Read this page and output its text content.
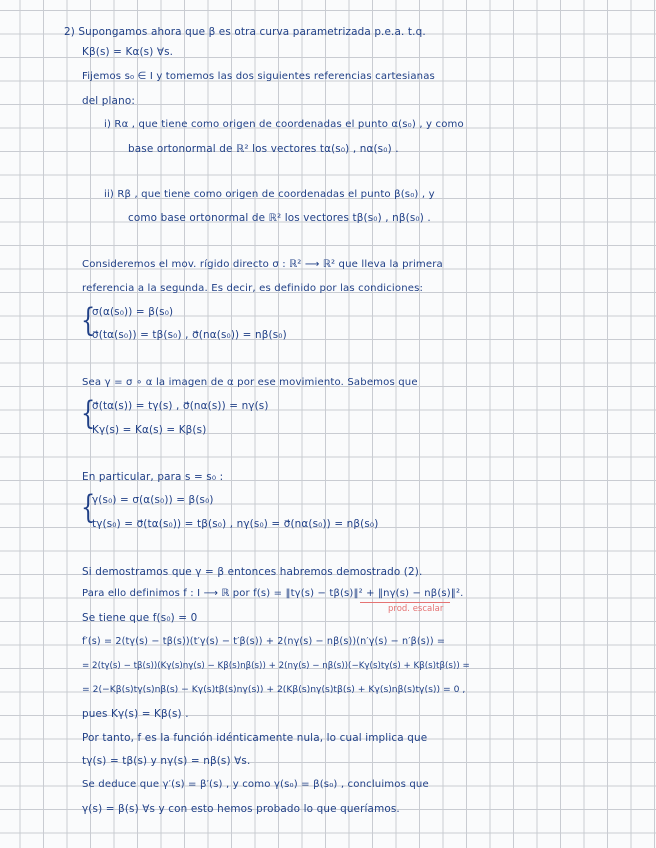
2) Supongamos ahora que β es otra curva parametrizada p.e.a. t.q.
Kβ(s) = Kα(s) ∀s.
Fijemos s₀ ∈ I y tomemos las dos siguientes referencias cartesianas
del plano:
i) Rα , que tiene como origen de coordenadas el punto α(s₀) , y como
base ortonormal de ℝ² los vectores tα(s₀) , nα(s₀) .
ii) Rβ , que tiene como origen de coordenadas el punto β(s₀) , y
como base ortonormal de ℝ² los vectores tβ(s₀) , nβ(s₀) .
Consideremos el mov. rígido directo σ : ℝ² ⟶ ℝ² que lleva la primera
referencia a la segunda. Es decir, es definido por las condiciones:
{
σ(α(s₀)) = β(s₀)
σ⃗(tα(s₀)) = tβ(s₀) , σ⃗(nα(s₀)) = nβ(s₀)
Sea γ = σ ∘ α la imagen de α por ese movimiento. Sabemos que
{
σ⃗(tα(s)) = tγ(s) , σ⃗(nα(s)) = nγ(s)
Kγ(s) = Kα(s) = Kβ(s)
En particular, para s = s₀ :
{
γ(s₀) = σ(α(s₀)) = β(s₀)
tγ(s₀) = σ⃗(tα(s₀)) = tβ(s₀) , nγ(s₀) = σ⃗(nα(s₀)) = nβ(s₀)
Si demostramos que γ = β entonces habremos demostrado (2).
Para ello definimos f : I ⟶ ℝ por f(s) = ‖tγ(s) − tβ(s)‖² + ‖nγ(s) − nβ(s)‖².
prod. escalar
Se tiene que f(s₀) = 0
f′(s) = 2(tγ(s) − tβ(s))(t′γ(s) − t′β(s)) + 2(nγ(s) − nβ(s))(n′γ(s) − n′β(s)) =
= 2(tγ(s) − tβ(s))(Kγ(s)nγ(s) − Kβ(s)nβ(s)) + 2(nγ(s) − nβ(s))(−Kγ(s)tγ(s) + Kβ(s)tβ(s)) =
= 2(−Kβ(s)tγ(s)nβ(s) − Kγ(s)tβ(s)nγ(s)) + 2(Kβ(s)nγ(s)tβ(s) + Kγ(s)nβ(s)tγ(s)) = 0 ,
pues Kγ(s) = Kβ(s) .
Por tanto, f es la función idénticamente nula, lo cual implica que
tγ(s) = tβ(s) y nγ(s) = nβ(s) ∀s.
Se deduce que γ′(s) = β′(s) , y como γ(s₀) = β(s₀) , concluimos que
γ(s) = β(s) ∀s y con esto hemos probado lo que queríamos.
